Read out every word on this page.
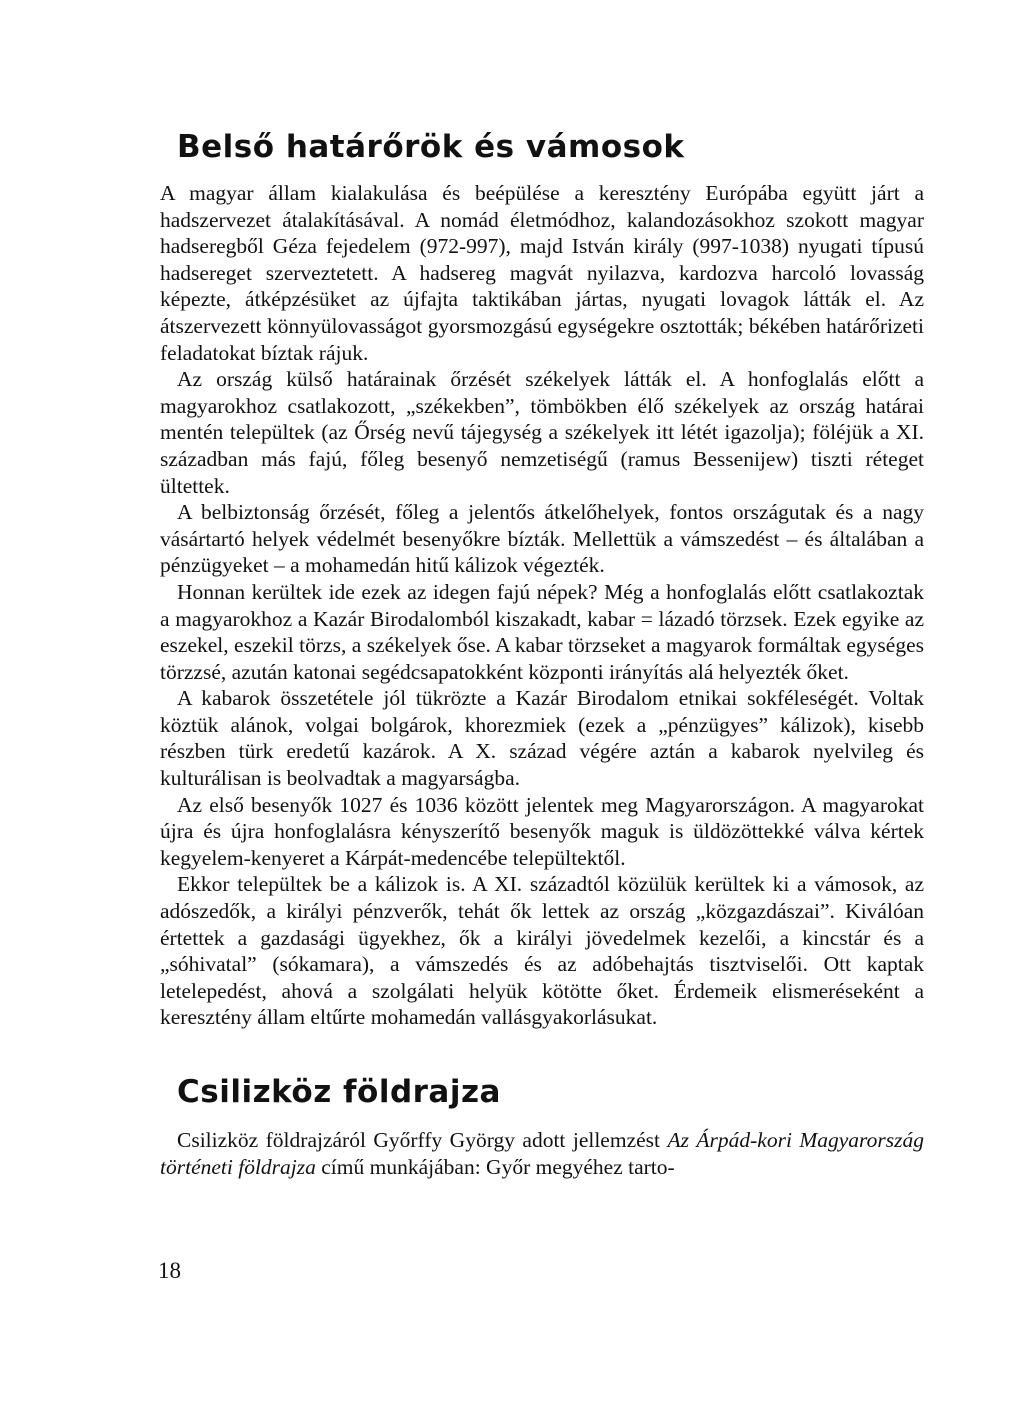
Belső határőrök és vámosok

A magyar állam kialakulása és beépülése a keresztény Európába együtt járt a hadszervezet átalakításával. A nomád életmódhoz, kalandozásokhoz szokott magyar hadseregből Géza fejedelem (972-997), majd István király (997-1038) nyugati típusú hadsereget szerveztetett. A hadsereg magvát nyilazva, kardozva harcoló lovasság képezte, átképzésüket az újfajta taktikában jártas, nyugati lovagok látták el. Az átszervezett könnyülovasságot gyorsmozgású egységekre osztották; békében határőrizeti feladatokat bíztak rájuk.

Az ország külső határainak őrzését székelyek látták el. A honfoglalás előtt a magyarokhoz csatlakozott, „székekben”, tömbökben élő székelyek az ország határai mentén települtek (az Őrség nevű tájegység a székelyek itt létét igazolja); föléjük a XI. században más fajú, főleg besenyő nemzetiségű (ramus Bessenijew) tiszti réteget ültettek.

A belbiztonság őrzését, főleg a jelentős átkelőhelyek, fontos országutak és a nagy vásártartó helyek védelmét besenyőkre bízták. Mellettük a vámszedést – és általában a pénzügyeket – a mohamedán hitű kálizok végezték.

Honnan kerültek ide ezek az idegen fajú népek? Még a honfoglalás előtt csatlakoztak a magyarokhoz a Kazár Birodalomból kiszakadt, kabar = lázadó törzsek. Ezek egyike az eszekel, eszekil törzs, a székelyek őse. A kabar törzseket a magyarok formáltak egységes törzzsé, azután katonai segédcsapatokként központi irányítás alá helyezték őket.

A kabarok összetétele jól tükrözte a Kazár Birodalom etnikai sokféleségét. Voltak köztük alánok, volgai bolgárok, khorezmiek (ezek a „pénzügyes” kálizok), kisebb részben türk eredetű kazárok. A X. század végére aztán a kabarok nyelvileg és kulturálisan is beolvadtak a magyarságba.

Az első besenyők 1027 és 1036 között jelentek meg Magyarországon. A magyarokat újra és újra honfoglalásra kényszerítő besenyők maguk is üldözöttekké válva kértek kegyelem-kenyeret a Kárpát-medencébe települtektől.

Ekkor települtek be a kálizok is. A XI. századtól közülük kerültek ki a vámosok, az adószedők, a királyi pénzverők, tehát ők lettek az ország „közgazdászai”. Kiválóan értettek a gazdasági ügyekhez, ők a királyi jövedelmek kezelői, a kincstár és a „sóhivatal” (sókamara), a vámszedés és az adóbehajtás tisztviselői. Ott kaptak letelepedést, ahová a szolgálati helyük kötötte őket. Érdemeik elismeréseként a keresztény állam eltűrte mohamedán vallásgyakorlásukat.

Csilizköz földrajza

Csilizköz földrajzáról Győrffy György adott jellemzést Az Árpád-kori Magyarország történeti földrajza című munkájában: Győr megyéhez tarto-

18
